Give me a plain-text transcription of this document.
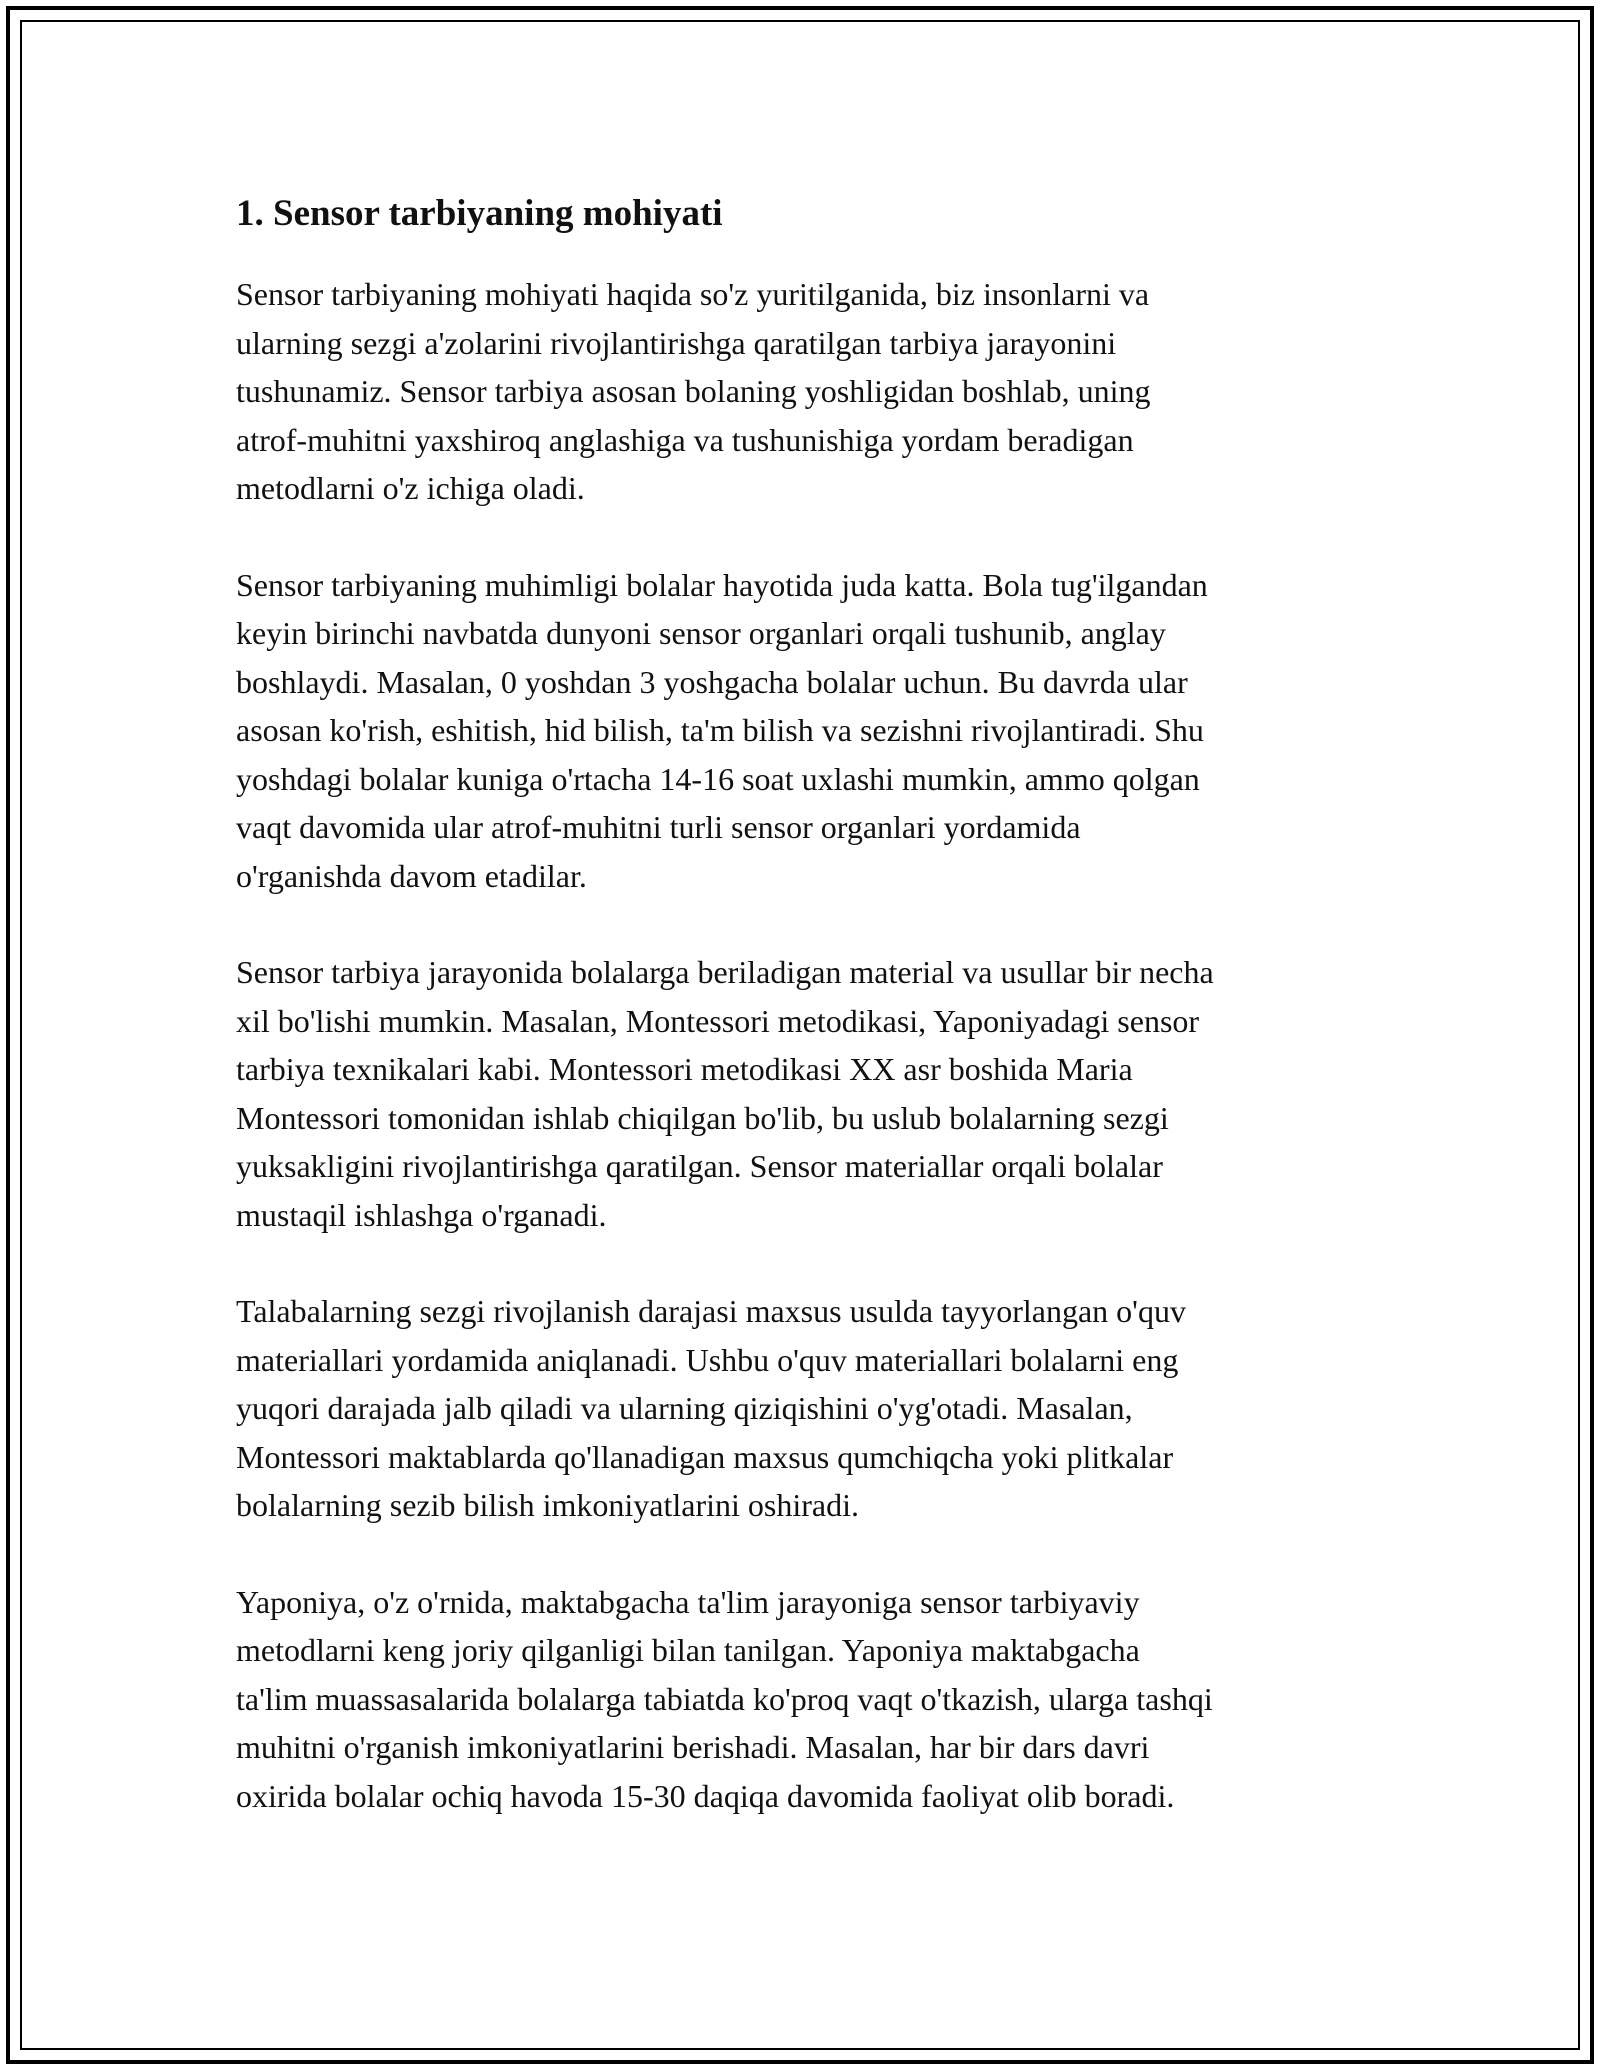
1. Sensor tarbiyaning mohiyati

Sensor tarbiyaning mohiyati haqida so'z yuritilganida, biz insonlarni va
ularning sezgi a'zolarini rivojlantirishga qaratilgan tarbiya jarayonini
tushunamiz. Sensor tarbiya asosan bolaning yoshligidan boshlab, uning
atrof-muhitni yaxshiroq anglashiga va tushunishiga yordam beradigan
metodlarni o'z ichiga oladi.

Sensor tarbiyaning muhimligi bolalar hayotida juda katta. Bola tug'ilgandan
keyin birinchi navbatda dunyoni sensor organlari orqali tushunib, anglay
boshlaydi. Masalan, 0 yoshdan 3 yoshgacha bolalar uchun. Bu davrda ular
asosan ko'rish, eshitish, hid bilish, ta'm bilish va sezishni rivojlantiradi. Shu
yoshdagi bolalar kuniga o'rtacha 14-16 soat uxlashi mumkin, ammo qolgan
vaqt davomida ular atrof-muhitni turli sensor organlari yordamida
o'rganishda davom etadilar.

Sensor tarbiya jarayonida bolalarga beriladigan material va usullar bir necha
xil bo'lishi mumkin. Masalan, Montessori metodikasi, Yaponiyadagi sensor
tarbiya texnikalari kabi. Montessori metodikasi XX asr boshida Maria
Montessori tomonidan ishlab chiqilgan bo'lib, bu uslub bolalarning sezgi
yuksakligini rivojlantirishga qaratilgan. Sensor materiallar orqali bolalar
mustaqil ishlashga o'rganadi.

Talabalarning sezgi rivojlanish darajasi maxsus usulda tayyorlangan o'quv
materiallari yordamida aniqlanadi. Ushbu o'quv materiallari bolalarni eng
yuqori darajada jalb qiladi va ularning qiziqishini o'yg'otadi. Masalan,
Montessori maktablarda qo'llanadigan maxsus qumchiqcha yoki plitkalar
bolalarning sezib bilish imkoniyatlarini oshiradi.

Yaponiya, o'z o'rnida, maktabgacha ta'lim jarayoniga sensor tarbiyaviy
metodlarni keng joriy qilganligi bilan tanilgan. Yaponiya maktabgacha
ta'lim muassasalarida bolalarga tabiatda ko'proq vaqt o'tkazish, ularga tashqi
muhitni o'rganish imkoniyatlarini berishadi. Masalan, har bir dars davri
oxirida bolalar ochiq havoda 15-30 daqiqa davomida faoliyat olib boradi.
